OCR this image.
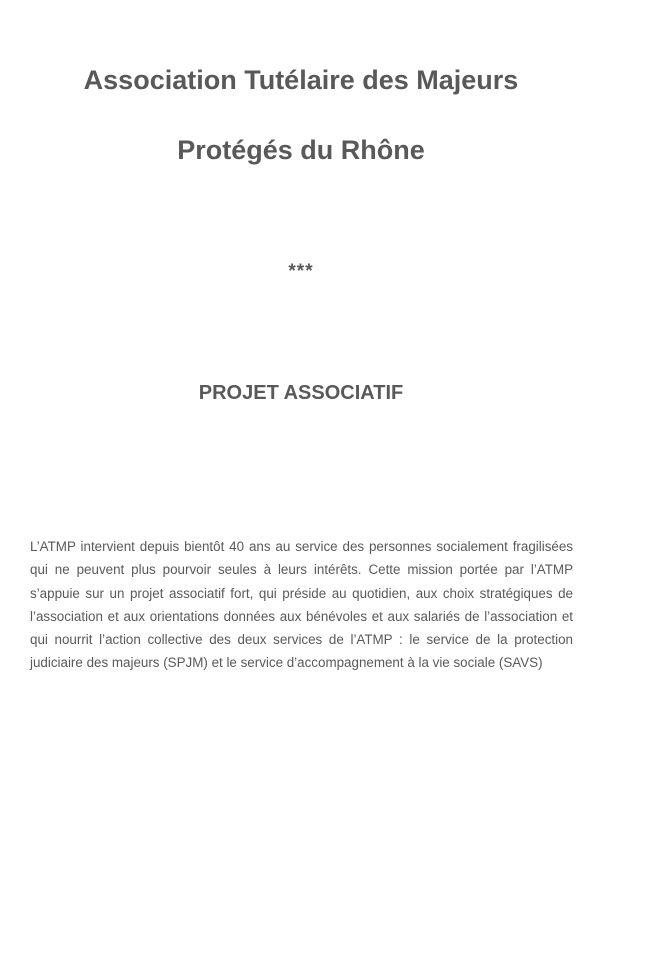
Association Tutélaire des Majeurs
Protégés du Rhône
***
PROJET ASSOCIATIF

L’ATMP intervient depuis bientôt 40 ans au service des personnes socialement fragilisées qui ne peuvent plus pourvoir seules à leurs intérêts. Cette mission portée par l’ATMP s’appuie sur un projet associatif fort, qui préside au quotidien, aux choix stratégiques de l’association et aux orientations données aux bénévoles et aux salariés de l’association et qui nourrit l’action collective des deux services de l’ATMP : le service de la protection judiciaire des majeurs (SPJM) et le service d’accompagnement à la vie sociale (SAVS)
